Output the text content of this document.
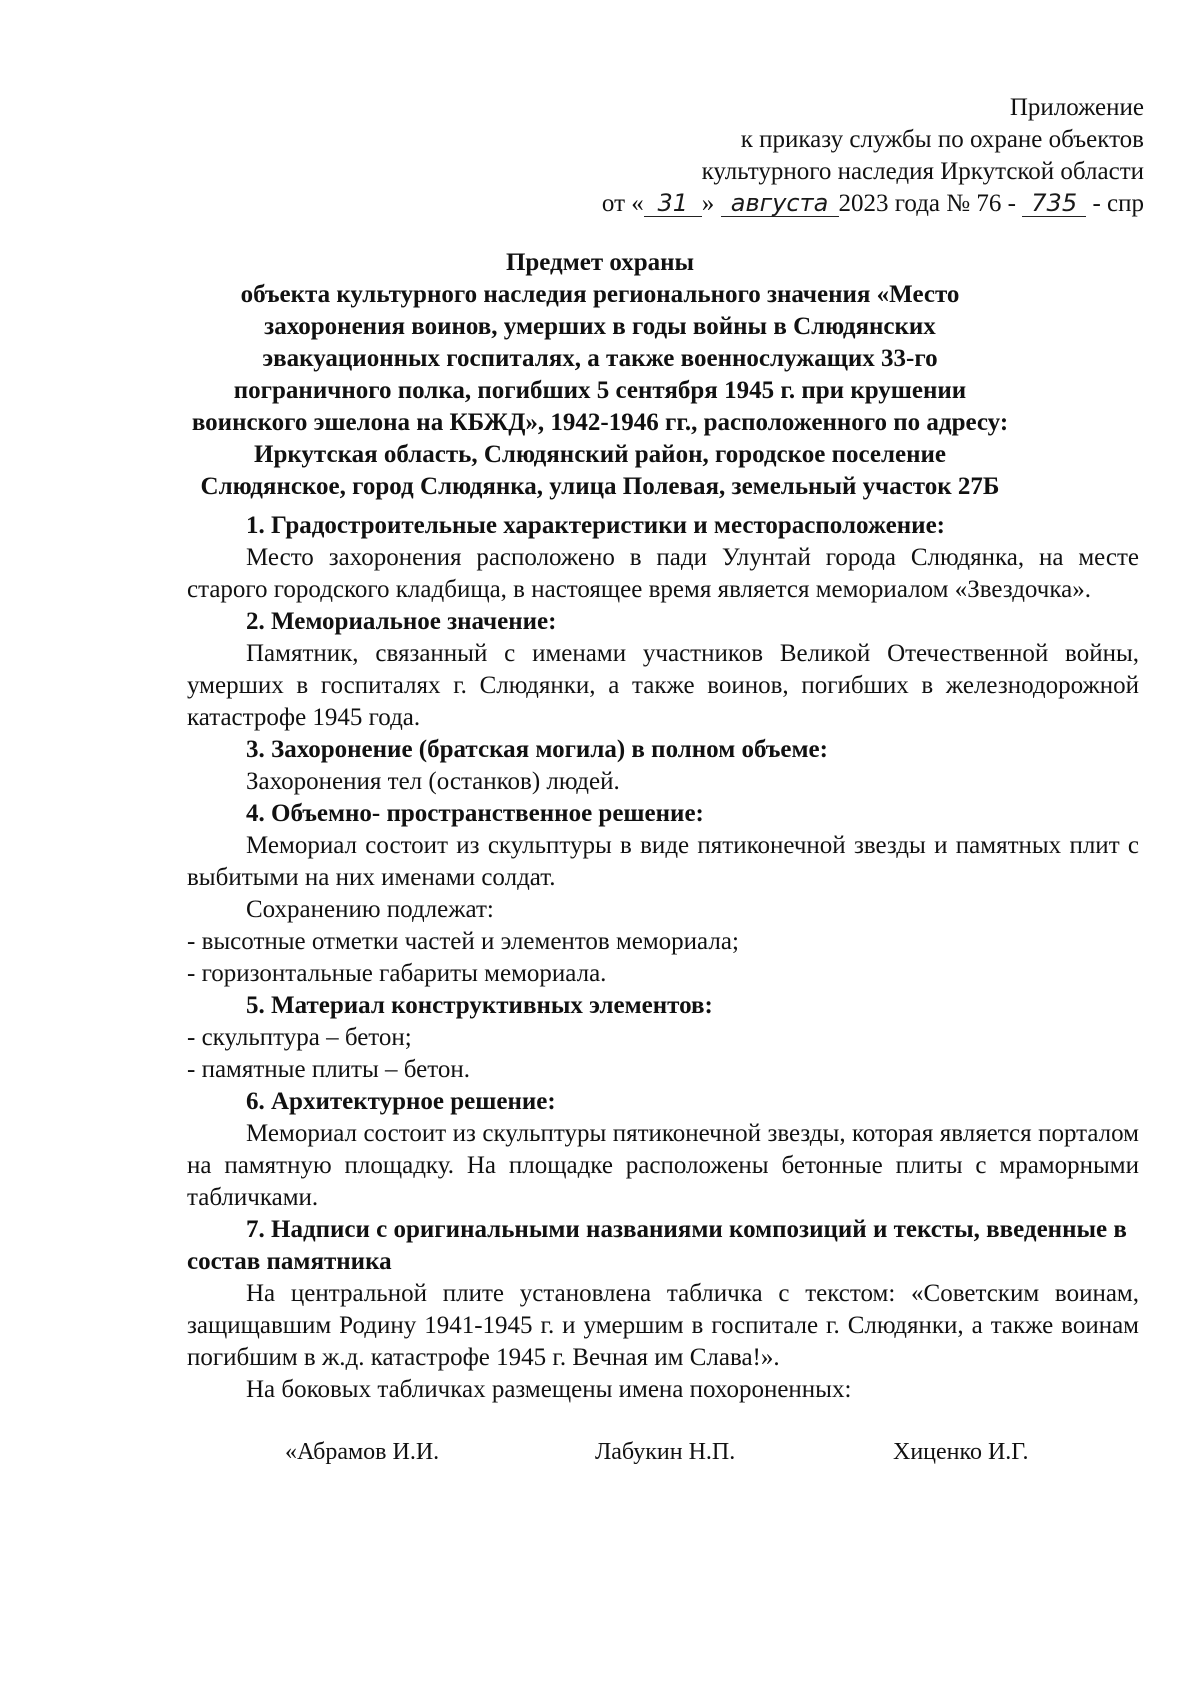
Приложение
к приказу службы по охране объектов
культурного наследия Иркутской области
от « 31 » августа 2023 года № 76 - 735 - спр
Предмет охраны
объекта культурного наследия регионального значения «Место
захоронения воинов, умерших в годы войны в Слюдянских
эвакуационных госпиталях, а также военнослужащих 33-го
пограничного полка, погибших 5 сентября 1945 г. при крушении
воинского эшелона на КБЖД», 1942-1946 гг., расположенного по адресу:
Иркутская область, Слюдянский район, городское поселение
Слюдянское, город Слюдянка, улица Полевая, земельный участок 27Б
1. Градостроительные характеристики и месторасположение:
Место захоронения расположено в пади Улунтай города Слюдянка, на месте старого городского кладбища, в настоящее время является мемориалом «Звездочка».
2. Мемориальное значение:
Памятник, связанный с именами участников Великой Отечественной войны, умерших в госпиталях г. Слюдянки, а также воинов, погибших в железнодорожной катастрофе 1945 года.
3. Захоронение (братская могила) в полном объеме:
Захоронения тел (останков) людей.
4. Объемно- пространственное решение:
Мемориал состоит из скульптуры в виде пятиконечной звезды и памятных плит с выбитыми на них именами солдат.
Сохранению подлежат:
- высотные отметки частей и элементов мемориала;
- горизонтальные габариты мемориала.
5. Материал конструктивных элементов:
- скульптура – бетон;
- памятные плиты – бетон.
6. Архитектурное решение:
Мемориал состоит из скульптуры пятиконечной звезды, которая является порталом на памятную площадку. На площадке расположены бетонные плиты с мраморными табличками.
7. Надписи с оригинальными названиями композиций и тексты, введенные в состав памятника
На центральной плите установлена табличка с текстом: «Советским воинам, защищавшим Родину 1941-1945 г. и умершим в госпитале г. Слюдянки, а также воинам погибшим в ж.д. катастрофе 1945 г. Вечная им Слава!».
На боковых табличках размещены имена похороненных:
«Абрамов И.И.	Лабукин Н.П.	Хиценко И.Г.
